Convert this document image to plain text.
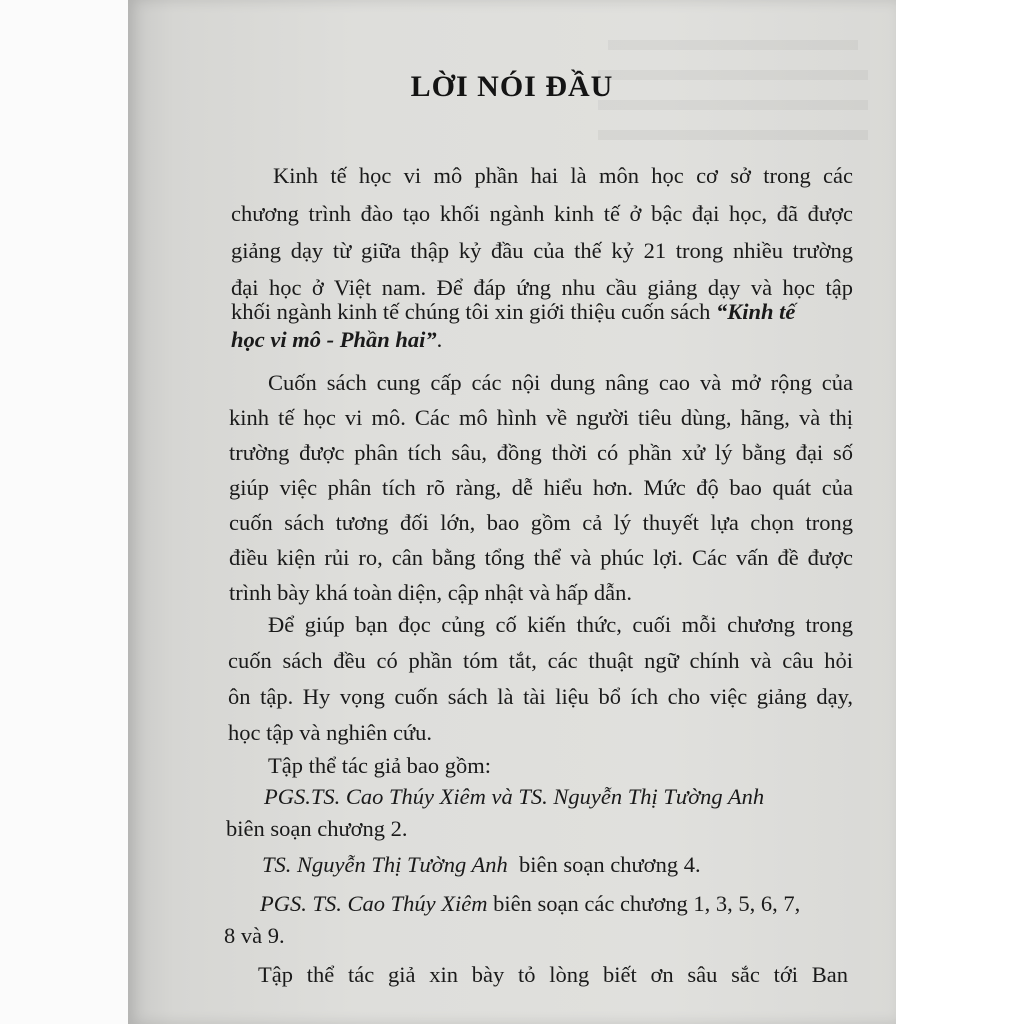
LỜI NÓI ĐẦU

Kinh tế học vi mô phần hai là môn học cơ sở trong các

chương trình đào tạo khối ngành kinh tế ở bậc đại học, đã được

giảng dạy từ giữa thập kỷ đầu của thế kỷ 21 trong nhiều trường

đại học ở Việt nam. Để đáp ứng nhu cầu giảng dạy và học tập

khối ngành kinh tế chúng tôi xin giới thiệu cuốn sách “Kinh tế

học vi mô - Phần hai”.

Cuốn sách cung cấp các nội dung nâng cao và mở rộng của

kinh tế học vi mô. Các mô hình về người tiêu dùng, hãng, và thị

trường được phân tích sâu, đồng thời có phần xử lý bằng đại số

giúp việc phân tích rõ ràng, dễ hiểu hơn. Mức độ bao quát của

cuốn sách tương đối lớn, bao gồm cả lý thuyết lựa chọn trong

điều kiện rủi ro, cân bằng tổng thể và phúc lợi. Các vấn đề được

trình bày khá toàn diện, cập nhật và hấp dẫn.

Để giúp bạn đọc củng cố kiến thức, cuối mỗi chương trong

cuốn sách đều có phần tóm tắt, các thuật ngữ chính và câu hỏi

ôn tập. Hy vọng cuốn sách là tài liệu bổ ích cho việc giảng dạy,

học tập và nghiên cứu.

Tập thể tác giả bao gồm:

PGS.TS. Cao Thúy Xiêm và TS. Nguyễn Thị Tường Anh

biên soạn chương 2.

TS. Nguyễn Thị Tường Anh  biên soạn chương 4.

PGS. TS. Cao Thúy Xiêm biên soạn các chương 1, 3, 5, 6, 7,

8 và 9.

Tập thể tác giả xin bày tỏ lòng biết ơn sâu sắc tới Ban
